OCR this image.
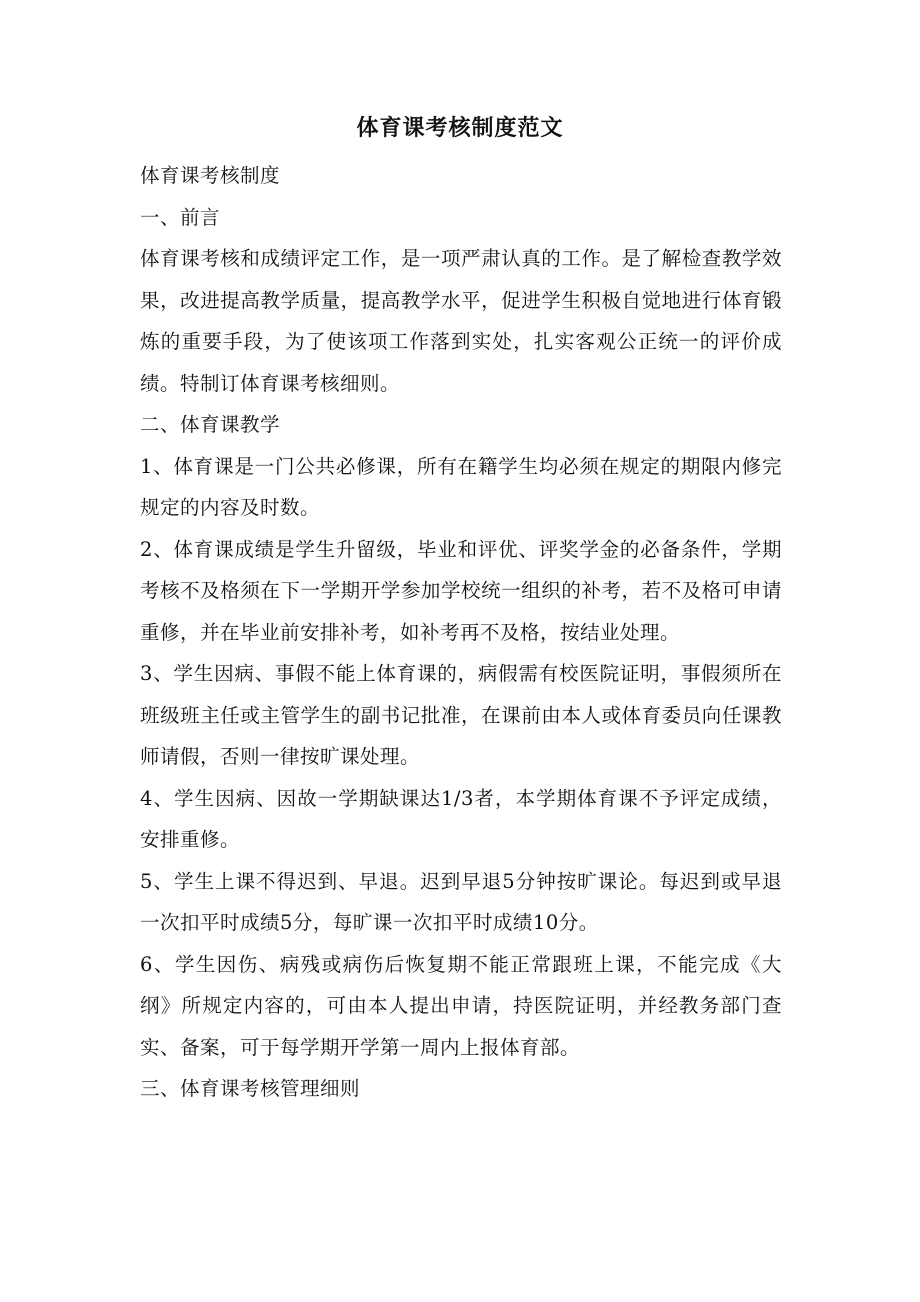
体育课考核制度范文

体育课考核制度

一、前言

体育课考核和成绩评定工作，是一项严肃认真的工作。是了解检查教学效果，改进提高教学质量，提高教学水平，促进学生积极自觉地进行体育锻炼的重要手段，为了使该项工作落到实处，扎实客观公正统一的评价成绩。特制订体育课考核细则。

二、体育课教学

1、体育课是一门公共必修课，所有在籍学生均必须在规定的期限内修完规定的内容及时数。

2、体育课成绩是学生升留级，毕业和评优、评奖学金的必备条件，学期考核不及格须在下一学期开学参加学校统一组织的补考，若不及格可申请重修，并在毕业前安排补考，如补考再不及格，按结业处理。

3、学生因病、事假不能上体育课的，病假需有校医院证明，事假须所在班级班主任或主管学生的副书记批准，在课前由本人或体育委员向任课教师请假，否则一律按旷课处理。

4、学生因病、因故一学期缺课达1/3者，本学期体育课不予评定成绩，安排重修。

5、学生上课不得迟到、早退。迟到早退5分钟按旷课论。每迟到或早退一次扣平时成绩5分，每旷课一次扣平时成绩10分。

6、学生因伤、病残或病伤后恢复期不能正常跟班上课，不能完成《大纲》所规定内容的，可由本人提出申请，持医院证明，并经教务部门查实、备案，可于每学期开学第一周内上报体育部。

三、体育课考核管理细则
